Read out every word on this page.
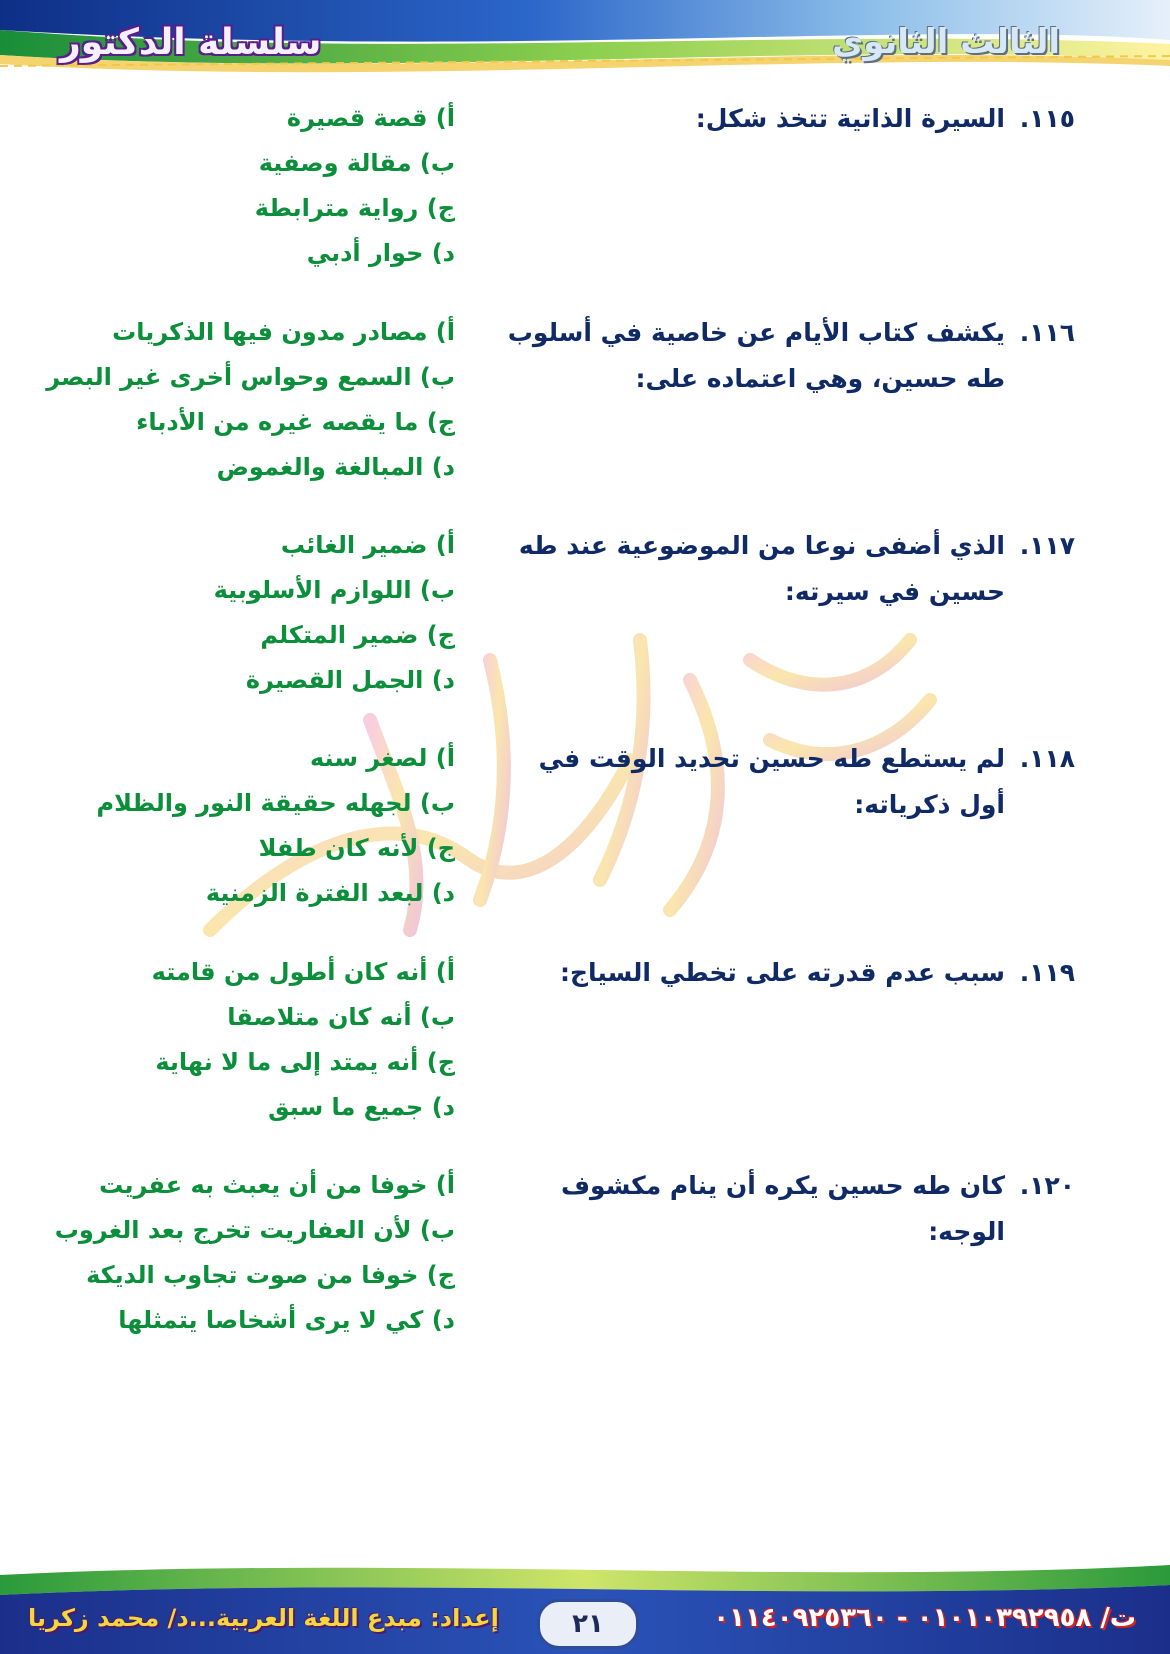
سلسلة الدكتور	الثالث الثانوي
١١٥.
السيرة الذاتية تتخذ شكل:
أ) قصة قصيرة
ب) مقالة وصفية
ج) رواية مترابطة
د) حوار أدبي
١١٦.
يكشف كتاب الأيام عن خاصية في أسلوب طه حسين، وهي اعتماده على:
أ) مصادر مدون فيها الذكريات
ب) السمع وحواس أخرى غير البصر
ج) ما يقصه غيره من الأدباء
د) المبالغة والغموض
١١٧.
الذي أضفى نوعا من الموضوعية عند طه حسين في سيرته:
أ) ضمير الغائب
ب) اللوازم الأسلوبية
ج) ضمير المتكلم
د) الجمل القصيرة
١١٨.
لم يستطع طه حسين تحديد الوقت في أول ذكرياته:
أ) لصغر سنه
ب) لجهله حقيقة النور والظلام
ج) لأنه كان طفلا
د) لبعد الفترة الزمنية
١١٩.
سبب عدم قدرته على تخطي السياج:
أ) أنه كان أطول من قامته
ب) أنه كان متلاصقا
ج) أنه يمتد إلى ما لا نهاية
د) جميع ما سبق
١٢٠.
كان طه حسين يكره أن ينام مكشوف الوجه:
أ) خوفا من أن يعبث به عفريت
ب) لأن العفاريت تخرج بعد الغروب
ج) خوفا من صوت تجاوب الديكة
د) كي لا يرى أشخاصا يتمثلها
إعداد: مبدع اللغة العربية...د/ محمد زكريا	٢١	ت/ ٠١٠١٠٣٩٢٩٥٨ - ٠١١٤٠٩٢٥٣٦٠
